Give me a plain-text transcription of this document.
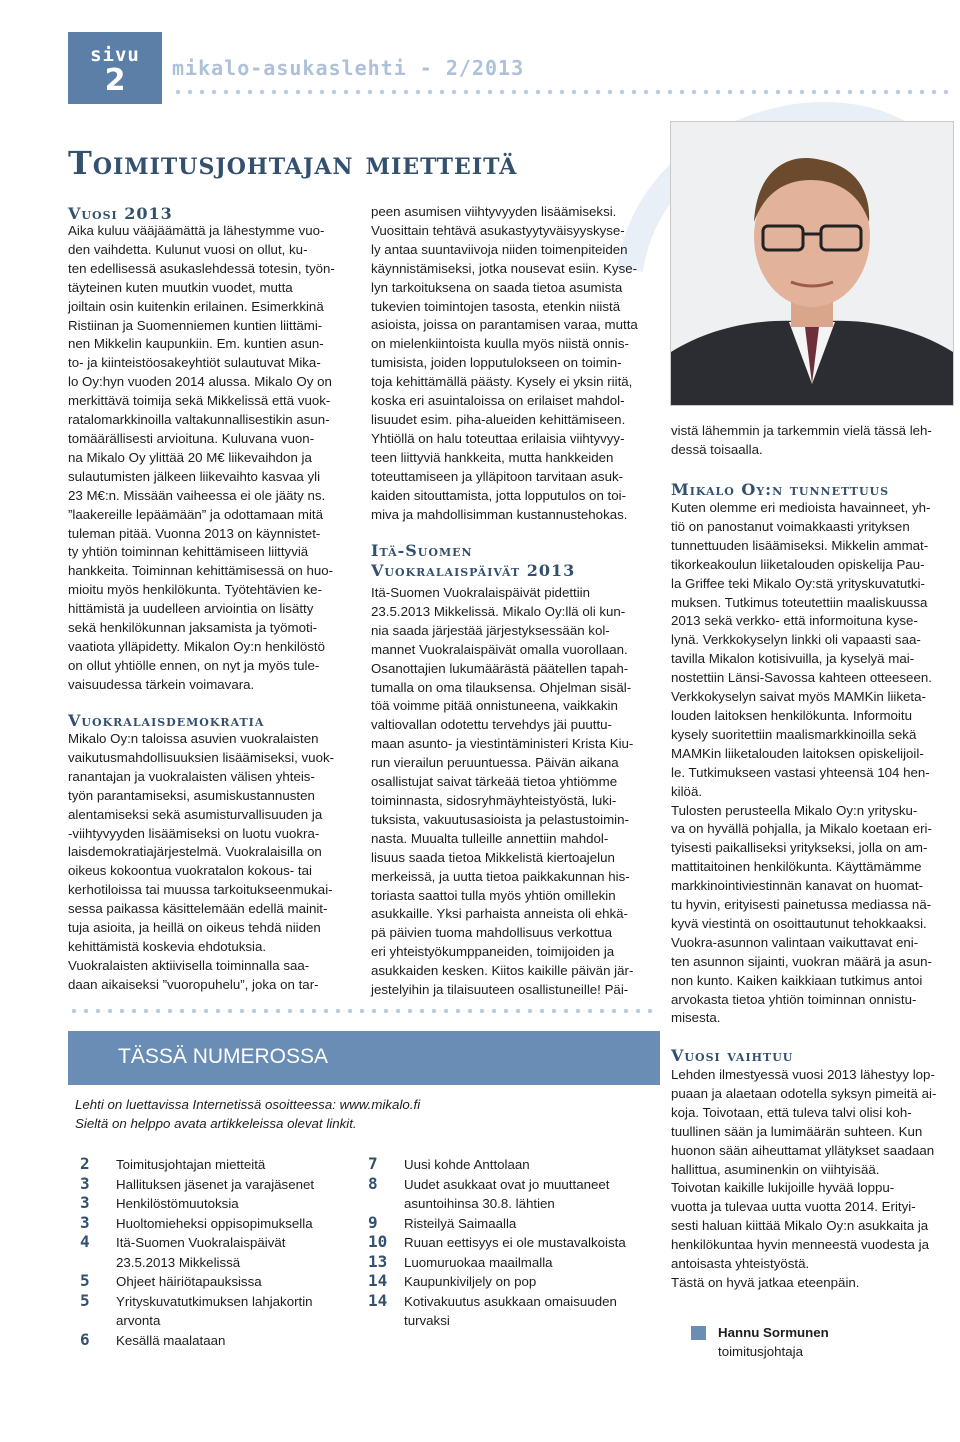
sivu
2	mikalo-asukaslehti - 2/2013
Toimitusjohtajan mietteitä
Vuosi 2013

Aika kuluu vääjäämättä ja lähestymme vuo-
den vaihdetta. Kulunut vuosi on ollut, ku-
ten edellisessä asukaslehdessä totesin, työn-
täyteinen kuten muutkin vuodet, mutta
joiltain osin kuitenkin erilainen. Esimerkkinä
Ristiinan ja Suomenniemen kuntien liittämi-
nen Mikkelin kaupunkiin. Em. kuntien asun-
to- ja kiinteistöosakeyhtiöt sulautuvat Mika-
lo Oy:hyn vuoden 2014 alussa. Mikalo Oy on
merkittävä toimija sekä Mikkelissä että vuok-
ratalomarkkinoilla valtakunnallisestikin asun-
tomäärällisesti arvioituna. Kuluvana vuon-
na Mikalo Oy ylittää 20 M€ liikevaihdon ja
sulautumisten jälkeen liikevaihto kasvaa yli
23 M€:n. Missään vaiheessa ei ole jääty ns.
”laakereille lepäämään” ja odottamaan mitä
tuleman pitää. Vuonna 2013 on käynnistet-
ty yhtiön toiminnan kehittämiseen liittyviä
hankkeita. Toiminnan kehittämisessä on huo-
mioitu myös henkilökunta. Työtehtävien ke-
hittämistä ja uudelleen arviointia on lisätty
sekä henkilökunnan jaksamista ja työmoti-
vaatiota ylläpidetty. Mikalon Oy:n henkilöstö
on ollut yhtiölle ennen, on nyt ja myös tule-
vaisuudessa tärkein voimavara.

Vuokralaisdemokratia

Mikalo Oy:n taloissa asuvien vuokralaisten
vaikutusmahdollisuuksien lisäämiseksi, vuok-
ranantajan ja vuokralaisten välisen yhteis-
työn parantamiseksi, asumiskustannusten
alentamiseksi sekä asumisturvallisuuden ja
-viihtyvyyden lisäämiseksi on luotu vuokra-
laisdemokratiajärjestelmä. Vuokralaisilla on
oikeus kokoontua vuokratalon kokous- tai
kerhotiloissa tai muussa tarkoitukseenmukai-
sessa paikassa käsittelemään edellä mainit-
tuja asioita, ja heillä on oikeus tehdä niiden
kehittämistä koskevia ehdotuksia.
Vuokralaisten aktiivisella toiminnalla saa-
daan aikaiseksi ”vuoropuhelu”, joka on tar-

peen asumisen viihtyvyyden lisäämiseksi.
Vuosittain tehtävä asukastyytyväisyyskyse-
ly antaa suuntaviivoja niiden toimenpiteiden
käynnistämiseksi, jotka nousevat esiin. Kyse-
lyn tarkoituksena on saada tietoa asumista
tukevien toimintojen tasosta, etenkin niistä
asioista, joissa on parantamisen varaa, mutta
on mielenkiintoista kuulla myös niistä onnis-
tumisista, joiden lopputulokseen on toimin-
toja kehittämällä päästy. Kysely ei yksin riitä,
koska eri asuintaloissa on erilaiset mahdol-
lisuudet esim. piha-alueiden kehittämiseen.
Yhtiöllä on halu toteuttaa erilaisia viihtyvyy-
teen liittyviä hankkeita, mutta hankkeiden
toteuttamiseen ja ylläpitoon tarvitaan asuk-
kaiden sitouttamista, jotta lopputulos on toi-
miva ja mahdollisimman kustannustehokas.

Itä-Suomen
Vuokralaispäivät 2013

Itä-Suomen Vuokralaispäivät pidettiin
23.5.2013 Mikkelissä. Mikalo Oy:llä oli kun-
nia saada järjestää järjestyksessään kol-
mannet Vuokralaispäivät omalla vuorollaan.
Osanottajien lukumäärästä päätellen tapah-
tumalla on oma tilauksensa. Ohjelman sisäl-
töä voimme pitää onnistuneena, vaikkakin
valtiovallan odotettu tervehdys jäi puuttu-
maan asunto- ja viestintäministeri Krista Kiu-
run vierailun peruuntuessa. Päivän aikana
osallistujat saivat tärkeää tietoa yhtiömme
toiminnasta, sidosryhmäyhteistyöstä, luki-
tuksista, vakuutusasioista ja pelastustoimin-
nasta. Muualta tulleille annettiin mahdol-
lisuus saada tietoa Mikkelistä kiertoajelun
merkeissä, ja uutta tietoa paikkakunnan his-
toriasta saattoi tulla myös yhtiön omillekin
asukkaille. Yksi parhaista anneista oli ehkä-
pä päivien tuoma mahdollisuus verkottua
eri yhteistyökumppaneiden, toimijoiden ja
asukkaiden kesken. Kiitos kaikille päivän jär-
jestelyihin ja tilaisuuteen osallistuneille! Päi-

vistä lähemmin ja tarkemmin vielä tässä leh-
dessä toisaalla.

Mikalo Oy:n tunnettuus

Kuten olemme eri medioista havainneet, yh-
tiö on panostanut voimakkaasti yrityksen
tunnettuuden lisäämiseksi. Mikkelin ammat-
tikorkeakoulun liiketalouden opiskelija Pau-
la Griffee teki Mikalo Oy:stä yrityskuvatutki-
muksen. Tutkimus toteutettiin maaliskuussa
2013 sekä verkko- että informoituna kyse-
lynä. Verkkokyselyn linkki oli vapaasti saa-
tavilla Mikalon kotisivuilla, ja kyselyä mai-
nostettiin Länsi-Savossa kahteen otteeseen.
Verkkokyselyn saivat myös MAMKin liiketa-
louden laitoksen henkilökunta. Informoitu
kysely suoritettiin maalismarkkinoilla sekä
MAMKin liiketalouden laitoksen opiskelijoil-
le. Tutkimukseen vastasi yhteensä 104 hen-
kilöä.
Tulosten perusteella Mikalo Oy:n yritysku-
va on hyvällä pohjalla, ja Mikalo koetaan eri-
tyisesti paikalliseksi yritykseksi, jolla on am-
mattitaitoinen henkilökunta. Käyttämämme
markkinointiviestinnän kanavat on huomat-
tu hyvin, erityisesti painetussa mediassa nä-
kyvä viestintä on osoittautunut tehokkaaksi.
Vuokra-asunnon valintaan vaikuttavat eni-
ten asunnon sijainti, vuokran määrä ja asun-
non kunto. Kaiken kaikkiaan tutkimus antoi
arvokasta tietoa yhtiön toiminnan onnistu-
misesta.

Vuosi vaihtuu

Lehden ilmestyessä vuosi 2013 lähestyy lop-
puaan ja alaetaan odotella syksyn pimeitä ai-
koja. Toivotaan, että tuleva talvi olisi koh-
tuullinen sään ja lumimäärän suhteen. Kun
huonon sään aiheuttamat yllätykset saadaan
hallittua, asuminenkin on viihtyisää.
Toivotan kaikille lukijoille hyvää loppu-
vuotta ja tulevaa uutta vuotta 2014. Erityi-
sesti haluan kiittää Mikalo Oy:n asukkaita ja
henkilökuntaa hyvin menneestä vuodesta ja
antoisasta yhteistyöstä.
Tästä on hyvä jatkaa eteenpäin.

Hannu Sormunen
toimitusjohtaja
TÄSSÄ NUMEROSSA
Lehti on luettavissa Internetissä osoitteessa: www.mikalo.fi
Sieltä on helppo avata artikkeleissa olevat linkit.
2	Toimitusjohtajan mietteitä
3	Hallituksen jäsenet ja varajäsenet
3	Henkilöstömuutoksia
3	Huoltomieheksi oppisopimuksella
4	Itä-Suomen Vuokralaispäivät
23.5.2013 Mikkelissä
5	Ohjeet häiriötapauksissa
5	Yrityskuvatutkimuksen lahjakortin
arvonta
6	Kesällä maalataan
7	Uusi kohde Anttolaan
8	Uudet asukkaat ovat jo muuttaneet
asuntoihinsa 30.8. lähtien
9	Risteilyä Saimaalla
10	Ruuan eettisyys ei ole mustavalkoista
13	Luomuruokaa maailmalla
14	Kaupunkiviljely on pop
14	Kotivakuutus asukkaan omaisuuden
turvaksi
